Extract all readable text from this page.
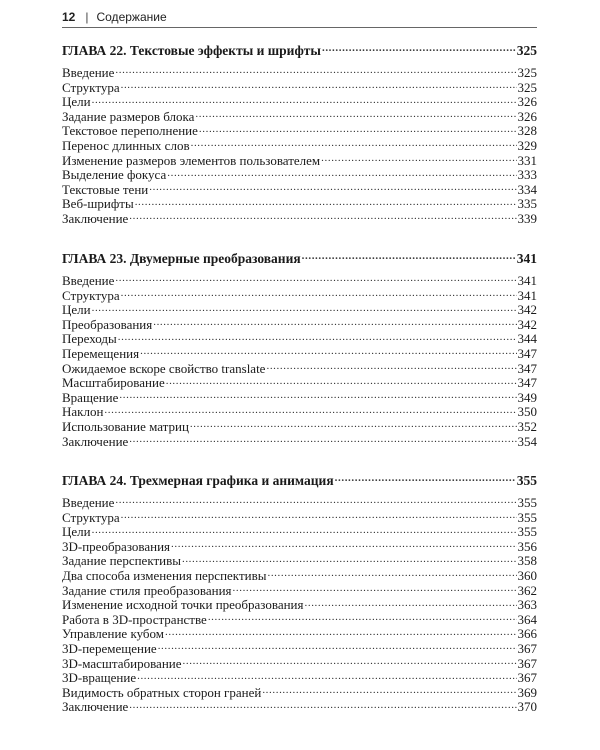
12 | Содержание
ГЛАВА 22. Текстовые эффекты и шрифты .....	325
Введение .....	325
Структура .....	325
Цели .....	326
Задание размеров блока .....	326
Текстовое переполнение .....	328
Перенос длинных слов .....	329
Изменение размеров элементов пользователем .....	331
Выделение фокуса .....	333
Текстовые тени .....	334
Веб-шрифты .....	335
Заключение .....	339
ГЛАВА 23. Двумерные преобразования .....	341
Введение .....	341
Структура .....	341
Цели .....	342
Преобразования .....	342
Переходы .....	344
Перемещения .....	347
Ожидаемое вскоре свойство translate .....	347
Масштабирование .....	347
Вращение .....	349
Наклон .....	350
Использование матриц .....	352
Заключение .....	354
ГЛАВА 24. Трехмерная графика и анимация .....	355
Введение .....	355
Структура .....	355
Цели .....	355
3D-преобразования .....	356
Задание перспективы .....	358
Два способа изменения перспективы .....	360
Задание стиля преобразования .....	362
Изменение исходной точки преобразования .....	363
Работа в 3D-пространстве .....	364
Управление кубом .....	366
3D-перемещение .....	367
3D-масштабирование .....	367
3D-вращение .....	367
Видимость обратных сторон граней .....	369
Заключение .....	370
